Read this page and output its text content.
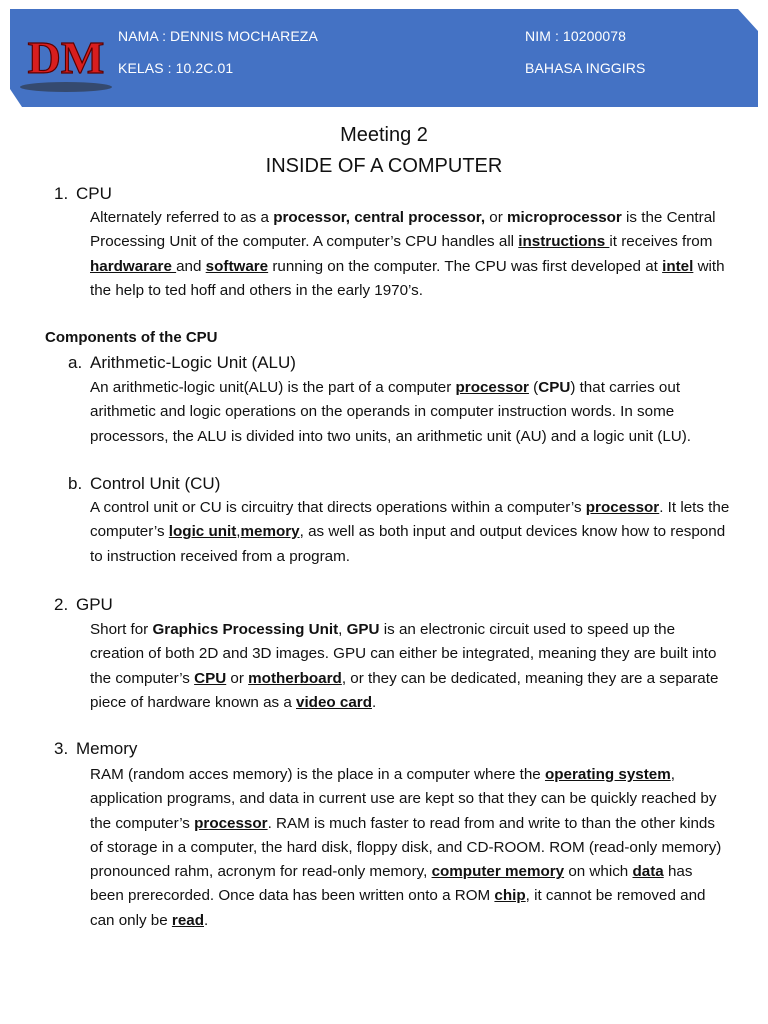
DM NAMA : DENNIS MOCHAREZA
KELAS : 10.2C.01
NIM : 10200078
BAHASA INGGIRS
Meeting 2
INSIDE OF A COMPUTER
1. CPU
Alternately referred to as a processor, central processor, or microprocessor is the Central Processing Unit of the computer. A computer’s CPU handles all instructions it receives from hardwarare and software running on the computer. The CPU was first developed at intel with the help to ted hoff and others in the early 1970’s.
Components of the CPU
a. Arithmetic-Logic Unit (ALU)
An arithmetic-logic unit(ALU) is the part of a computer processor (CPU) that carries out arithmetic and logic operations on the operands in computer instruction words. In some processors, the ALU is divided into two units, an arithmetic unit (AU) and a logic unit (LU).
b. Control Unit (CU)
A control unit or CU is circuitry that directs operations within a computer’s processor. It lets the computer’s logic unit,memory, as well as both input and output devices know how to respond to instruction received from a program.
2. GPU
Short for Graphics Processing Unit, GPU is an electronic circuit used to speed up the creation of both 2D and 3D images. GPU can either be integrated, meaning they are built into the computer’s CPU or motherboard, or they can be dedicated, meaning they are a separate piece of hardware known as a video card.
3. Memory
RAM (random acces memory) is the place in a computer where the operating system, application programs, and data in current use are kept so that they can be quickly reached by the computer’s processor. RAM is much faster to read from and write to than the other kinds of storage in a computer, the hard disk, floppy disk, and CD-ROOM. ROM (read-only memory) pronounced rahm, acronym for read-only memory, computer memory on which data has been prerecorded. Once data has been written onto a ROM chip, it cannot be removed and can only be read.
